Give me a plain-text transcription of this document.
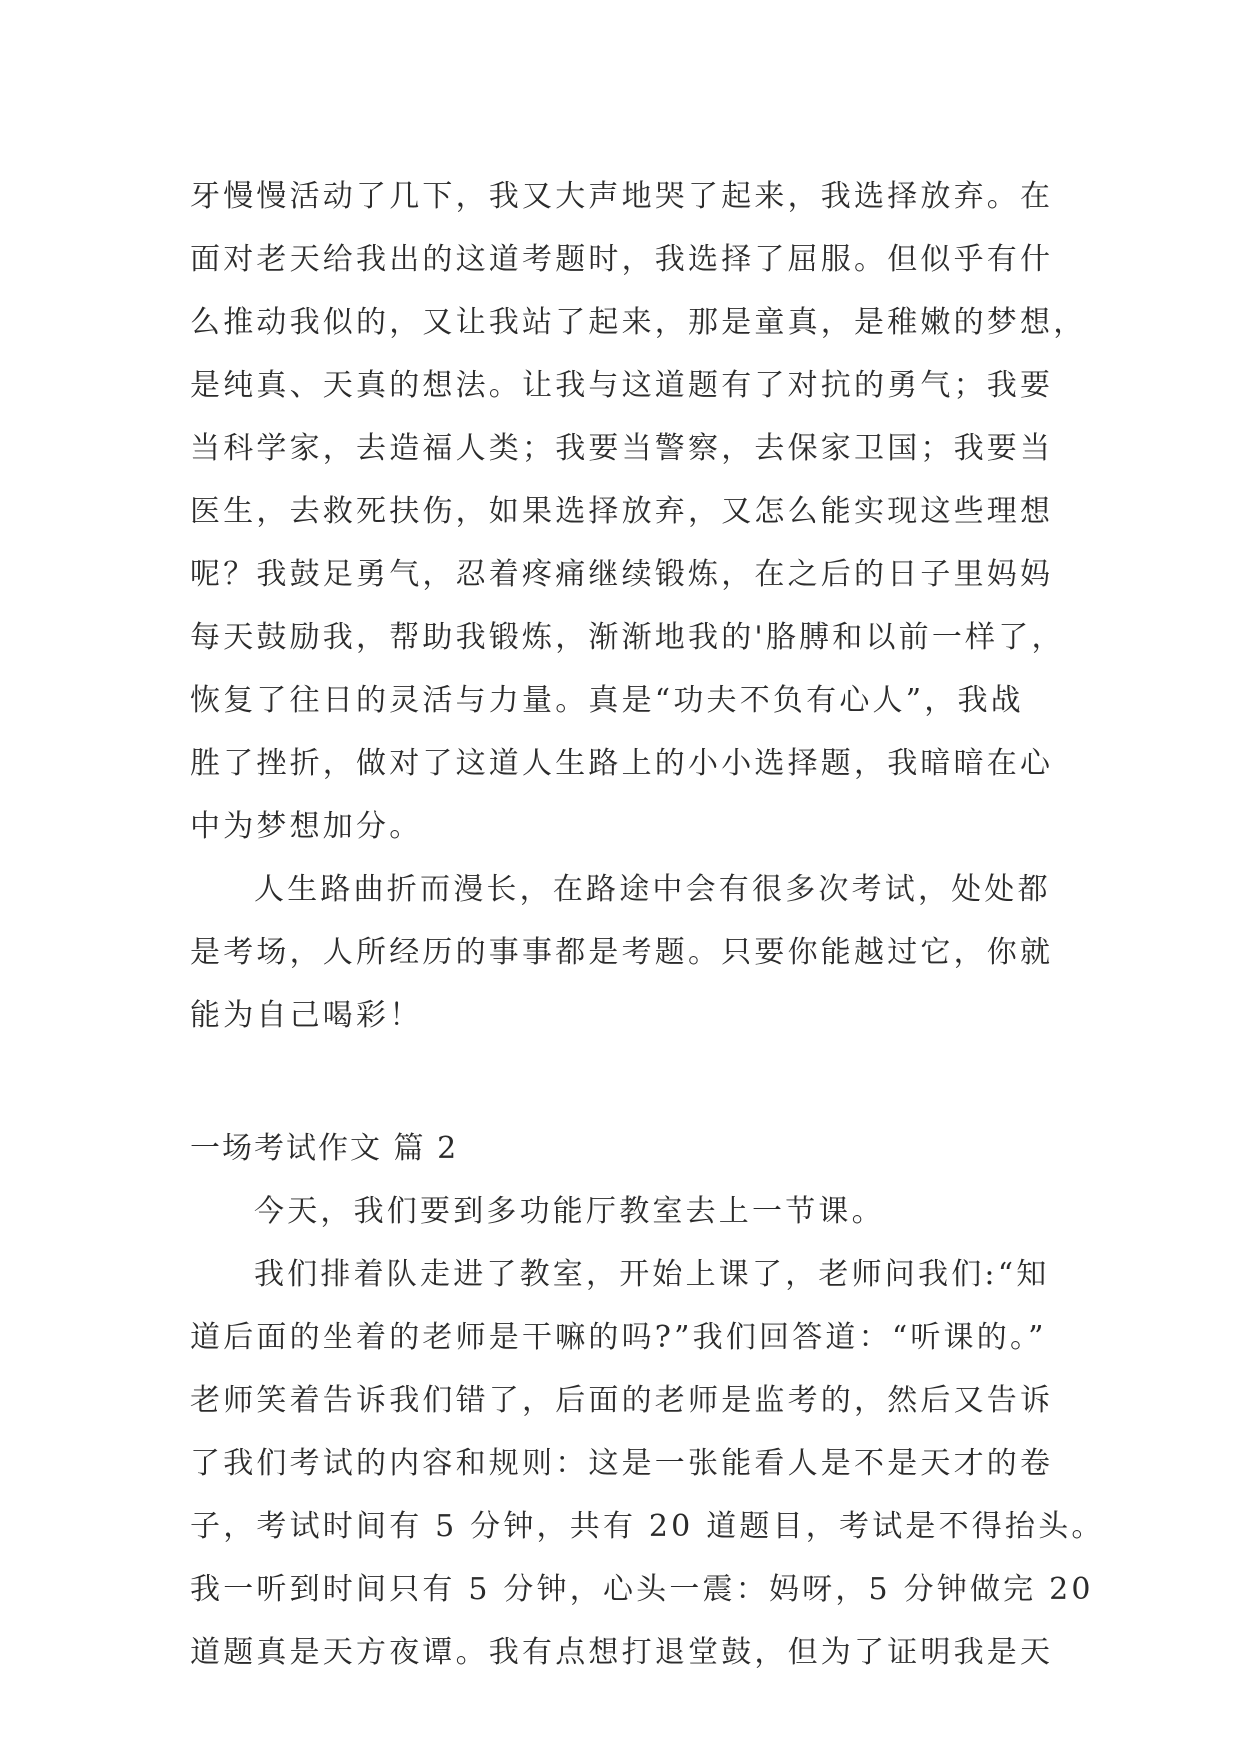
牙慢慢活动了几下，我又大声地哭了起来，我选择放弃。在
面对老天给我出的这道考题时，我选择了屈服。但似乎有什
么推动我似的，又让我站了起来，那是童真，是稚嫩的梦想，
是纯真、天真的想法。让我与这道题有了对抗的勇气；我要
当科学家，去造福人类；我要当警察，去保家卫国；我要当
医生，去救死扶伤，如果选择放弃，又怎么能实现这些理想
呢？我鼓足勇气，忍着疼痛继续锻炼，在之后的日子里妈妈
每天鼓励我，帮助我锻炼，渐渐地我的'胳膊和以前一样了，
恢复了往日的灵活与力量。真是“功夫不负有心人”，我战
胜了挫折，做对了这道人生路上的小小选择题，我暗暗在心
中为梦想加分。
人生路曲折而漫长，在路途中会有很多次考试，处处都
是考场，人所经历的事事都是考题。只要你能越过它，你就
能为自己喝彩！
一场考试作文 篇 2
今天，我们要到多功能厅教室去上一节课。
我们排着队走进了教室，开始上课了，老师问我们:“知
道后面的坐着的老师是干嘛的吗?”我们回答道：“听课的。”
老师笑着告诉我们错了，后面的老师是监考的，然后又告诉
了我们考试的内容和规则：这是一张能看人是不是天才的卷
子，考试时间有 5 分钟，共有 20 道题目，考试是不得抬头。
我一听到时间只有 5 分钟，心头一震：妈呀，5 分钟做完 20
道题真是天方夜谭。我有点想打退堂鼓，但为了证明我是天
